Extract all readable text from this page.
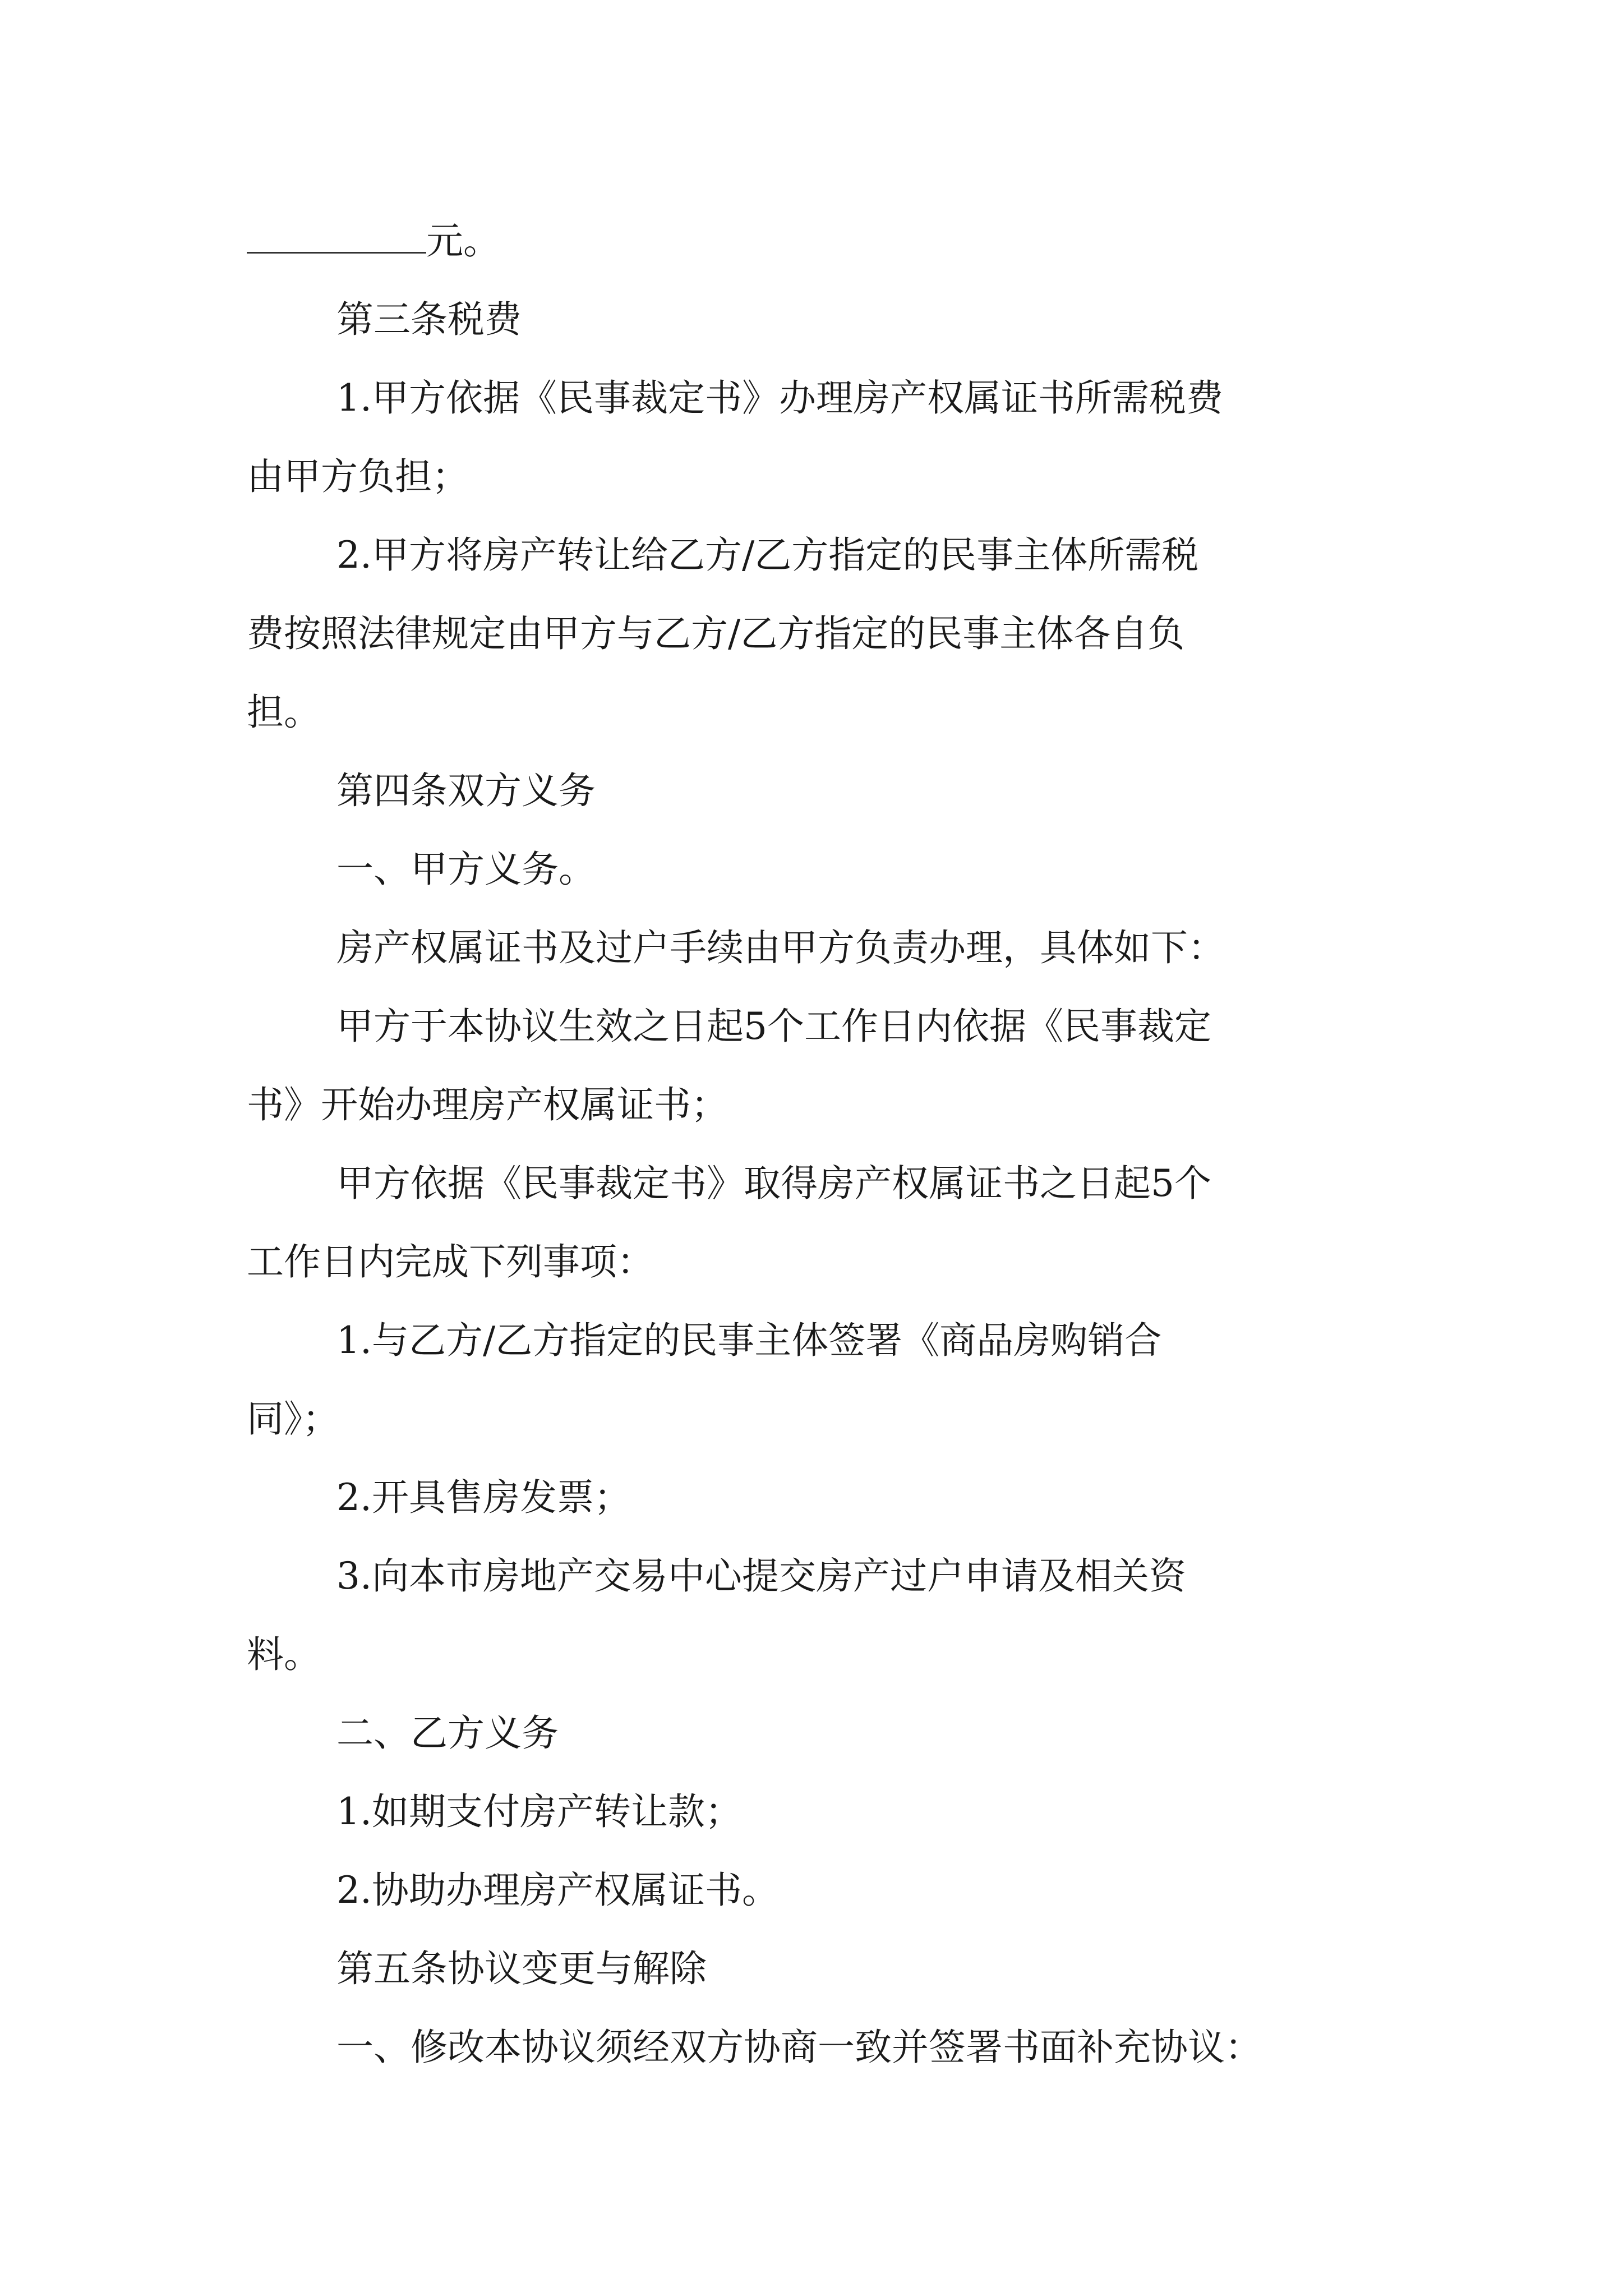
元。
第三条税费
1.甲方依据《民事裁定书》办理房产权属证书所需税费
由甲方负担；
2.甲方将房产转让给乙方/乙方指定的民事主体所需税
费按照法律规定由甲方与乙方/乙方指定的民事主体各自负
担。
第四条双方义务
一、甲方义务。
房产权属证书及过户手续由甲方负责办理，具体如下：
甲方于本协议生效之日起5个工作日内依据《民事裁定
书》开始办理房产权属证书；
甲方依据《民事裁定书》取得房产权属证书之日起5个
工作日内完成下列事项：
1.与乙方/乙方指定的民事主体签署《商品房购销合
同》；
2.开具售房发票；
3.向本市房地产交易中心提交房产过户申请及相关资
料。
二、乙方义务
1.如期支付房产转让款；
2.协助办理房产权属证书。
第五条协议变更与解除
一、修改本协议须经双方协商一致并签署书面补充协议：
